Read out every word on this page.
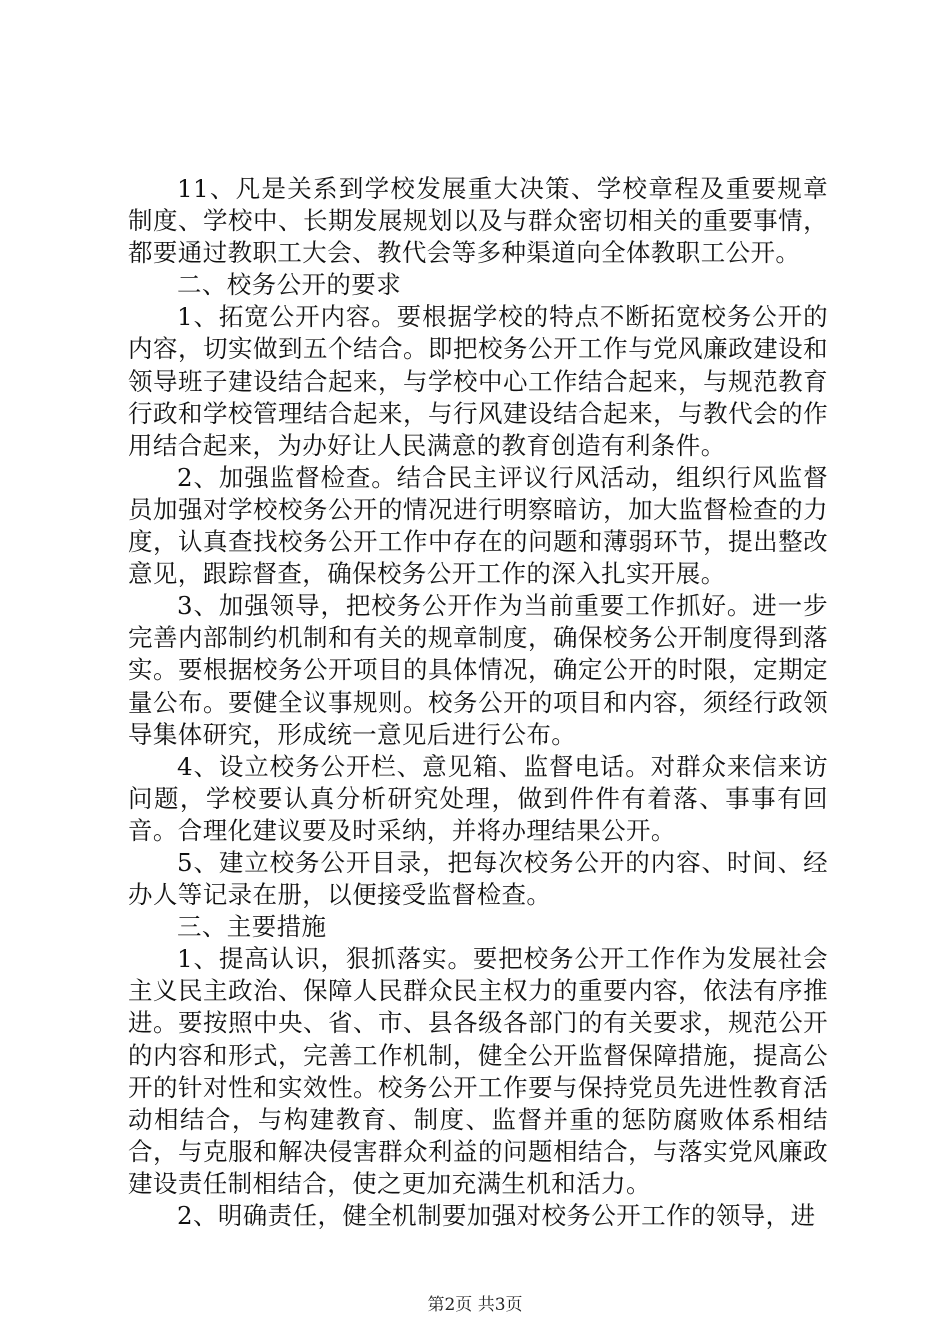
11、凡是关系到学校发展重大决策、学校章程及重要规章制度、学校中、长期发展规划以及与群众密切相关的重要事情，都要通过教职工大会、教代会等多种渠道向全体教职工公开。

二、校务公开的要求

1、拓宽公开内容。要根据学校的特点不断拓宽校务公开的内容，切实做到五个结合。即把校务公开工作与党风廉政建设和领导班子建设结合起来，与学校中心工作结合起来，与规范教育行政和学校管理结合起来，与行风建设结合起来，与教代会的作用结合起来，为办好让人民满意的教育创造有利条件。

2、加强监督检查。结合民主评议行风活动，组织行风监督员加强对学校校务公开的情况进行明察暗访，加大监督检查的力度，认真查找校务公开工作中存在的问题和薄弱环节，提出整改意见，跟踪督查，确保校务公开工作的深入扎实开展。

3、加强领导，把校务公开作为当前重要工作抓好。进一步完善内部制约机制和有关的规章制度，确保校务公开制度得到落实。要根据校务公开项目的具体情况，确定公开的时限，定期定量公布。要健全议事规则。校务公开的项目和内容，须经行政领导集体研究，形成统一意见后进行公布。

4、设立校务公开栏、意见箱、监督电话。对群众来信来访问题，学校要认真分析研究处理，做到件件有着落、事事有回音。合理化建议要及时采纳，并将办理结果公开。

5、建立校务公开目录，把每次校务公开的内容、时间、经办人等记录在册，以便接受监督检查。

三、主要措施

1、提高认识，狠抓落实。要把校务公开工作作为发展社会主义民主政治、保障人民群众民主权力的重要内容，依法有序推进。要按照中央、省、市、县各级各部门的有关要求，规范公开的内容和形式，完善工作机制，健全公开监督保障措施，提高公开的针对性和实效性。校务公开工作要与保持党员先进性教育活动相结合，与构建教育、制度、监督并重的惩防腐败体系相结合，与克服和解决侵害群众利益的问题相结合，与落实党风廉政建设责任制相结合，使之更加充满生机和活力。

2、明确责任，健全机制要加强对校务公开工作的领导，进

第2页 共3页
